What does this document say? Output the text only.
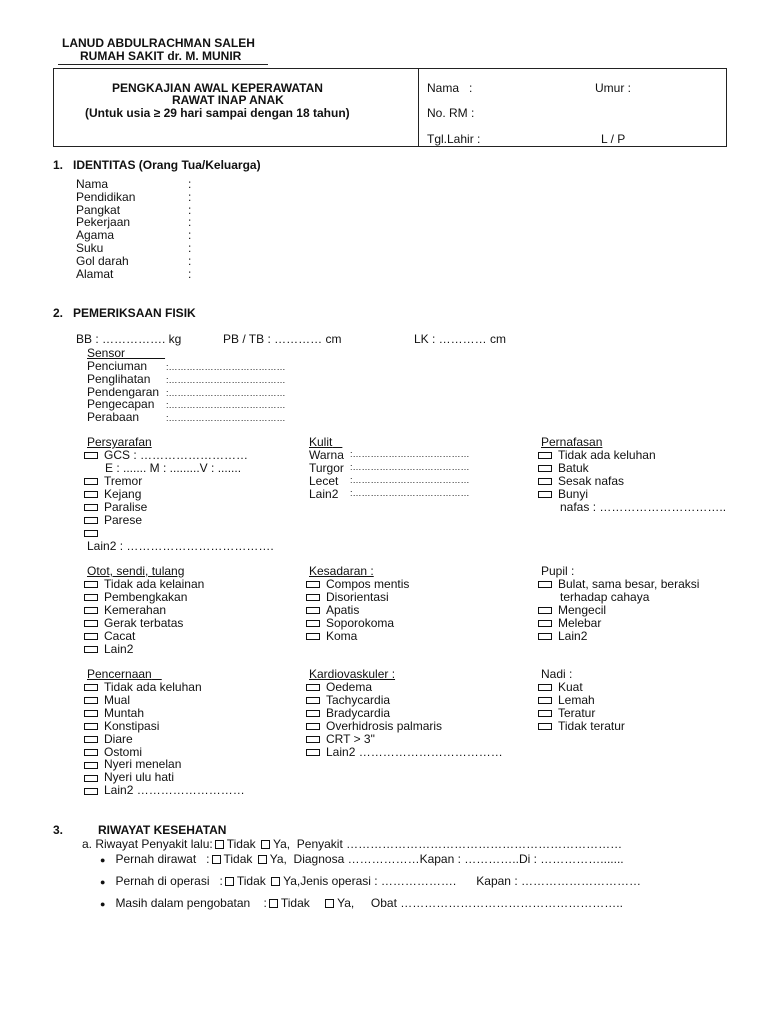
LANUD ABDULRACHMAN SALEH
RUMAH SAKIT dr. M. MUNIR
PENGKAJIAN AWAL KEPERAWATAN
RAWAT INAP ANAK
(Untuk usia ≥ 29 hari sampai dengan 18 tahun)
Nama   :	Umur :
No. RM :
Tgl.Lahir :	L / P
1.   IDENTITAS (Orang Tua/Keluarga)
Nama	:
Pendidikan	:
Pangkat	:
Pekerjaan	:
Agama	:
Suku	:
Gol darah	:
Alamat	:
2.   PEMERIKSAAN FISIK
BB : ……………. kg	PB / TB : ………… cm	LK : ………… cm
Sensor
Penciuman :…………………………………
Penglihatan :…………………………………
Pendengaran :…………………………………
Pengecapan :…………………………………
Perabaan	:…………………………………
Persyarafan
GCS : ………………………
E : ....... M : .........V : .......
Tremor
Kejang
Paralise
Parese
Lain2 : ……………………………….
Kulit
Warna :…………………………………
Turgor :…………………………………
Lecet :…………………………………
Lain2 :…………………………………
Pernafasan
Tidak ada keluhan
Batuk
Sesak nafas
Bunyi
nafas : …………………………..
Otot, sendi, tulang
Tidak ada kelainan
Pembengkakan
Kemerahan
Gerak terbatas
Cacat
Lain2
Kesadaran :
Compos mentis
Disorientasi
Apatis
Soporokoma
Koma
Pupil :
Bulat, sama besar, beraksi
terhadap cahaya
Mengecil
Melebar
Lain2
Pencernaan
Tidak ada keluhan
Mual
Muntah
Konstipasi
Diare
Ostomi
Nyeri menelan
Nyeri ulu hati
Lain2 ………………………
Kardiovaskuler :
Oedema
Tachycardia
Bradycardia
Overhidrosis palmaris
CRT > 3"
Lain2 ………………………………
Nadi :
Kuat
Lemah
Teratur
Tidak teratur
3.	RIWAYAT KESEHATAN
a. Riwayat Penyakit lalu: Tidak Ya, Penyakit ……………………………………………………………
● Pernah dirawat   : Tidak Ya, Diagnosa ………………Kapan : …………..Di : …………….......
● Pernah di operasi   : Tidak Ya,Jenis operasi : ………………. Kapan : …………………………
● Masih dalam pengobatan    : Tidak Ya, Obat ………………………………………………..
